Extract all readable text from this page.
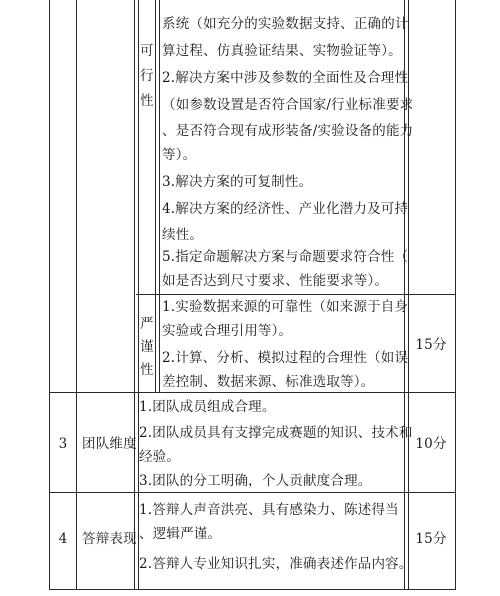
可
行
性
系统（如充分的实验数据支持、正确的计
算过程、仿真验证结果、实物验证等）。
2.解决方案中涉及参数的全面性及合理性
（如参数设置是否符合国家/行业标准要求
、是否符合现有成形装备/实验设备的能力
等）。
3.解决方案的可复制性。
4.解决方案的经济性、产业化潜力及可持
续性。
5.指定命题解决方案与命题要求符合性（
如是否达到尺寸要求、性能要求等）。
严
谨
性
1.实验数据来源的可靠性（如来源于自身
实验或合理引用等）。
2.计算、分析、模拟过程的合理性（如误
差控制、数据来源、标准选取等）。
15分
3	团队维度
1.团队成员组成合理。
2.团队成员具有支撑完成赛题的知识、技术和
经验。
3.团队的分工明确，个人贡献度合理。
10分
4	答辩表现
1.答辩人声音洪亮、具有感染力、陈述得当
、逻辑严谨。
2.答辩人专业知识扎实，准确表述作品内容。
15分
